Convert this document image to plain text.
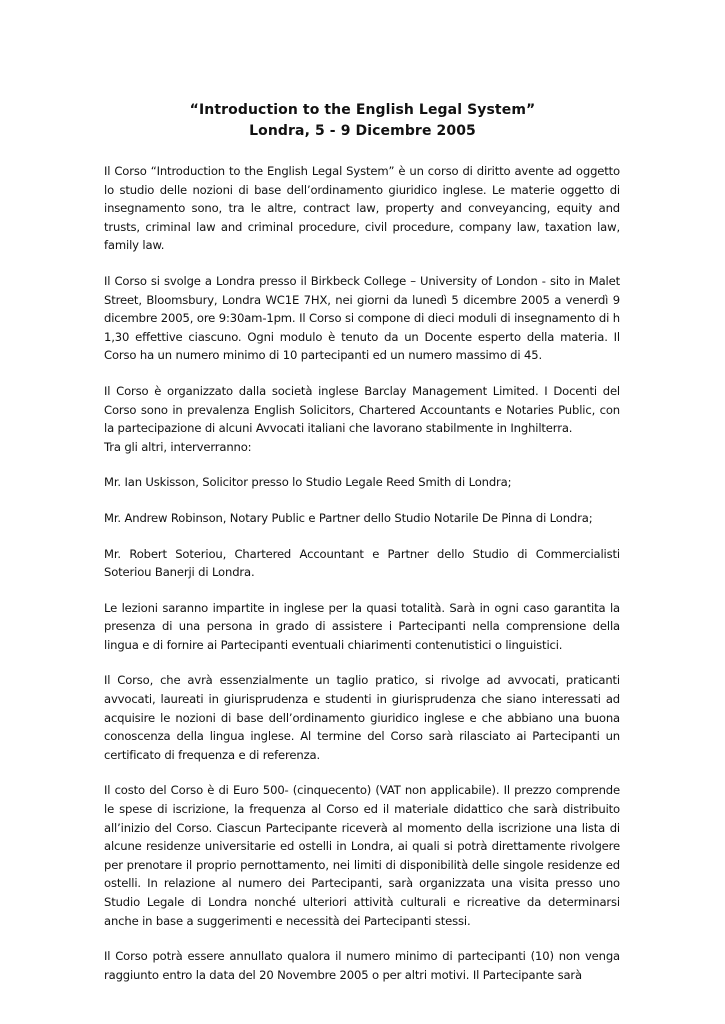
“Introduction to the English Legal System”
Londra, 5 - 9 Dicembre 2005

Il Corso “Introduction to the English Legal System” è un corso di diritto avente ad oggetto lo studio delle nozioni di base dell’ordinamento giuridico inglese. Le materie oggetto di insegnamento sono, tra le altre, contract law, property and conveyancing, equity and trusts, criminal law and criminal procedure, civil procedure, company law, taxation law, family law.

Il Corso si svolge a Londra presso il Birkbeck College – University of London - sito in Malet Street, Bloomsbury, Londra WC1E 7HX, nei giorni da lunedì 5 dicembre 2005 a venerdì 9 dicembre 2005, ore 9:30am-1pm. Il Corso si compone di dieci moduli di insegnamento di h 1,30 effettive ciascuno. Ogni modulo è tenuto da un Docente esperto della materia. Il Corso ha un numero minimo di 10 partecipanti ed un numero massimo di 45.

Il Corso è organizzato dalla società inglese Barclay Management Limited. I Docenti del Corso sono in prevalenza English Solicitors, Chartered Accountants e Notaries Public, con la partecipazione di alcuni Avvocati italiani che lavorano stabilmente in Inghilterra.

Tra gli altri, interverranno:

Mr. Ian Uskisson, Solicitor presso lo Studio Legale Reed Smith di Londra;

Mr. Andrew Robinson, Notary Public e Partner dello Studio Notarile De Pinna di Londra;

Mr. Robert Soteriou, Chartered Accountant e Partner dello Studio di Commercialisti Soteriou Banerji di Londra.

Le lezioni saranno impartite in inglese per la quasi totalità. Sarà in ogni caso garantita la presenza di una persona in grado di assistere i Partecipanti nella comprensione della lingua e di fornire ai Partecipanti eventuali chiarimenti contenutistici o linguistici.

Il Corso, che avrà essenzialmente un taglio pratico, si rivolge ad avvocati, praticanti avvocati, laureati in giurisprudenza e studenti in giurisprudenza che siano interessati ad acquisire le nozioni di base dell’ordinamento giuridico inglese e che abbiano una buona conoscenza della lingua inglese. Al termine del Corso sarà rilasciato ai Partecipanti un certificato di frequenza e di referenza.

Il costo del Corso è di Euro 500- (cinquecento) (VAT non applicabile). Il prezzo comprende le spese di iscrizione, la frequenza al Corso ed il materiale didattico che sarà distribuito all’inizio del Corso. Ciascun Partecipante riceverà al momento della iscrizione una lista di alcune residenze universitarie ed ostelli in Londra, ai quali si potrà direttamente rivolgere per prenotare il proprio pernottamento, nei limiti di disponibilità delle singole residenze ed ostelli. In relazione al numero dei Partecipanti, sarà organizzata una visita presso uno Studio Legale di Londra nonché ulteriori attività culturali e ricreative da determinarsi anche in base a suggerimenti e necessità dei Partecipanti stessi.

Il Corso potrà essere annullato qualora il numero minimo di partecipanti (10) non venga raggiunto entro la data del 20 Novembre 2005 o per altri motivi. Il Partecipante sarà
